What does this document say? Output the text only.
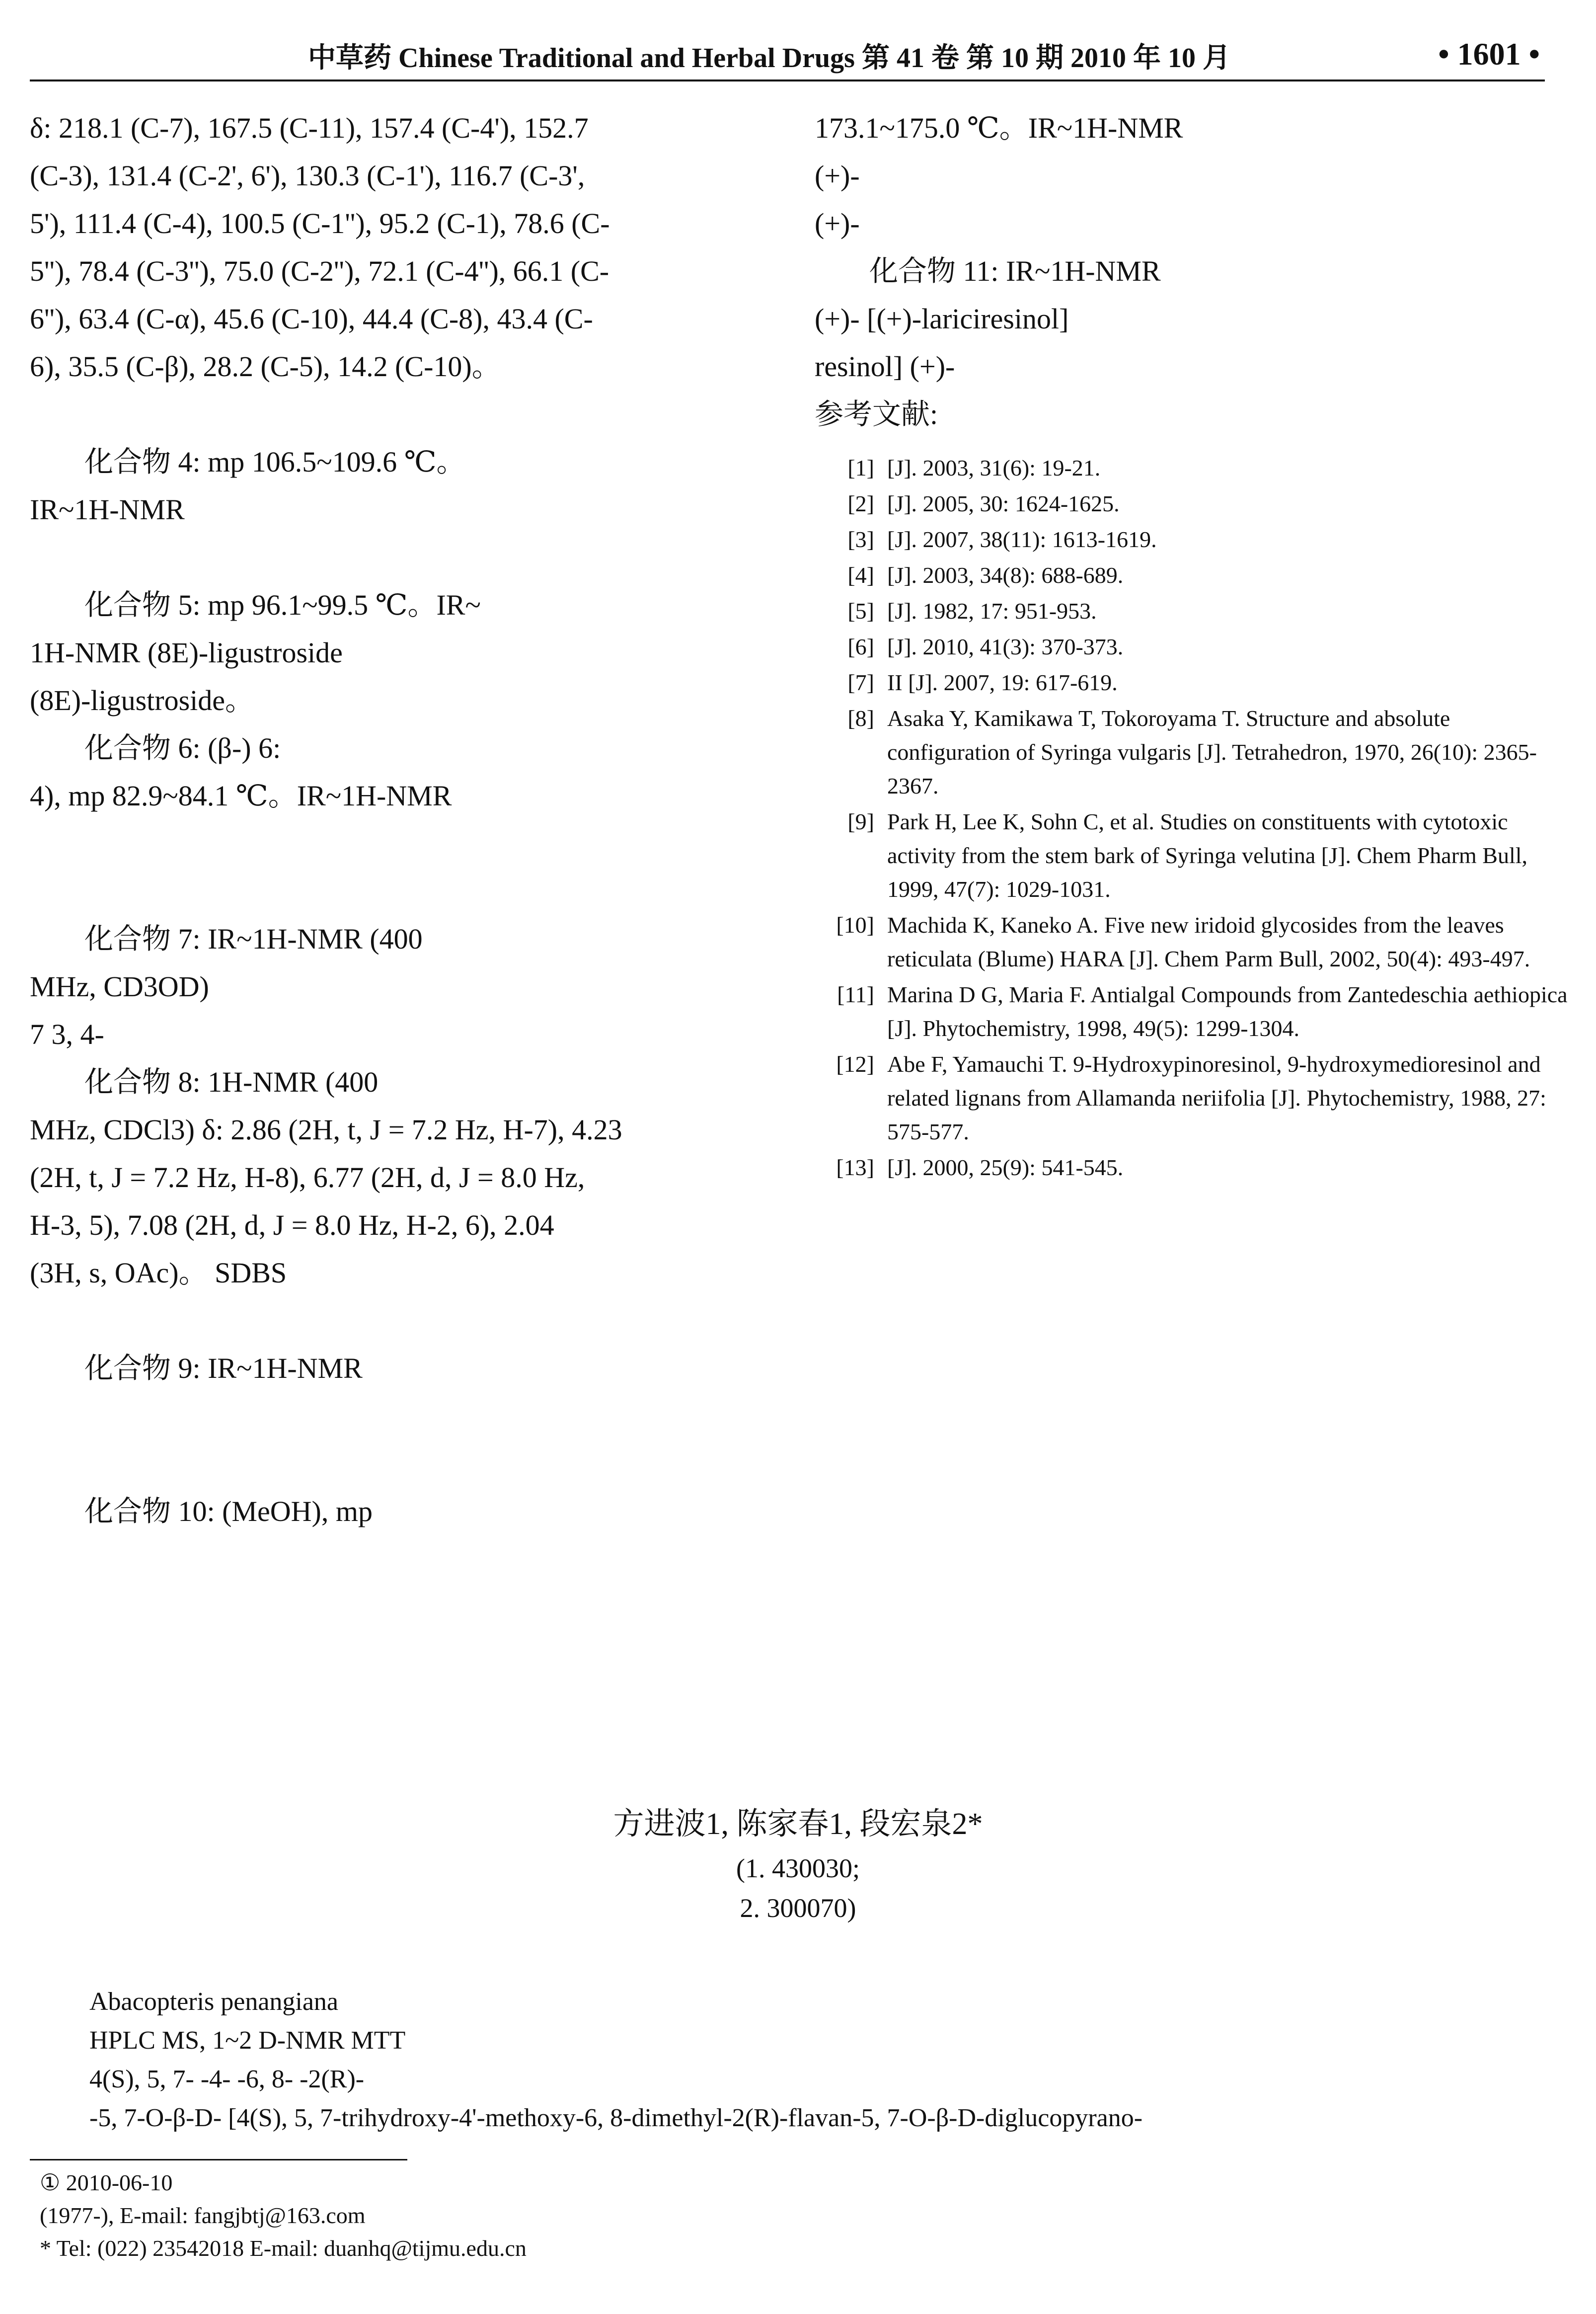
中草药 Chinese Traditional and Herbal Drugs 第 41 卷 第 10 期 2010 年 10 月	• 1601 •
δ: 218.1 (C-7), 167.5 (C-11), 157.4 (C-4'), 152.7
(C-3), 131.4 (C-2', 6'), 130.3 (C-1'), 116.7 (C-3',
5'), 111.4 (C-4), 100.5 (C-1''), 95.2 (C-1), 78.6 (C-
5''), 78.4 (C-3''), 75.0 (C-2''), 72.1 (C-4''), 66.1 (C-
6''), 63.4 (C-α), 45.6 (C-10), 44.4 (C-8), 43.4 (C-
6), 35.5 (C-β), 28.2 (C-5), 14.2 (C-10)。

化合物 4: mp 106.5~109.6 ℃。
IR~1H-NMR

化合物 5: mp 96.1~99.5 ℃。IR~
1H-NMR (8E)-ligustroside
(8E)-ligustroside。
化合物 6: (β-) 6:
4), mp 82.9~84.1 ℃。IR~1H-NMR

化合物 7: IR~1H-NMR (400
MHz, CD3OD)
7 3, 4-
化合物 8: 1H-NMR (400
MHz, CDCl3) δ: 2.86 (2H, t, J = 7.2 Hz, H-7), 4.23
(2H, t, J = 7.2 Hz, H-8), 6.77 (2H, d, J = 8.0 Hz,
H-3, 5), 7.08 (2H, d, J = 8.0 Hz, H-2, 6), 2.04
(3H, s, OAc)。 SDBS

化合物 9: IR~1H-NMR

化合物 10: (MeOH), mp
173.1~175.0 ℃。IR~1H-NMR
(+)-
(+)-
化合物 11: IR~1H-NMR
(+)- [(+)-lariciresinol]
resinol] (+)-
参考文献:
[1] [J]. 2003, 31(6): 19-21.
[2] [J]. 2005, 30: 1624-1625.
[3] [J]. 2007, 38(11): 1613-1619.
[4] [J]. 2003, 34(8): 688-689.
[5] [J]. 1982, 17: 951-953.
[6] [J]. 2010, 41(3): 370-373.
[7] II [J]. 2007, 19: 617-619.
[8] Asaka Y, Kamikawa T, Tokoroyama T. Structure and absolute configuration of Syringa vulgaris [J]. Tetrahedron, 1970, 26(10): 2365-2367.
[9] Park H, Lee K, Sohn C, et al. Studies on constituents with cytotoxic activity from the stem bark of Syringa velutina [J]. Chem Pharm Bull, 1999, 47(7): 1029-1031.
[10] Machida K, Kaneko A. Five new iridoid glycosides from the leaves reticulata (Blume) HARA [J]. Chem Parm Bull, 2002, 50(4): 493-497.
[11] Marina D G, Maria F. Antialgal Compounds from Zantedeschia aethiopica [J]. Phytochemistry, 1998, 49(5): 1299-1304.
[12] Abe F, Yamauchi T. 9-Hydroxypinoresinol, 9-hydroxymedioresinol and related lignans from Allamanda neriifolia [J]. Phytochemistry, 1988, 27: 575-577.
[13] [J]. 2000, 25(9): 541-545.
方进波1, 陈家春1, 段宏泉2*
(1. 430030;
2. 300070)
Abacopteris penangiana
HPLC MS, 1~2 D-NMR MTT
4(S), 5, 7- -4- -6, 8- -2(R)-
-5, 7-O-β-D- [4(S), 5, 7-trihydroxy-4'-methoxy-6, 8-dimethyl-2(R)-flavan-5, 7-O-β-D-diglucopyrano-
① 2010-06-10
(1977-), E-mail: fangjbtj@163.com
* Tel: (022) 23542018 E-mail: duanhq@tijmu.edu.cn
